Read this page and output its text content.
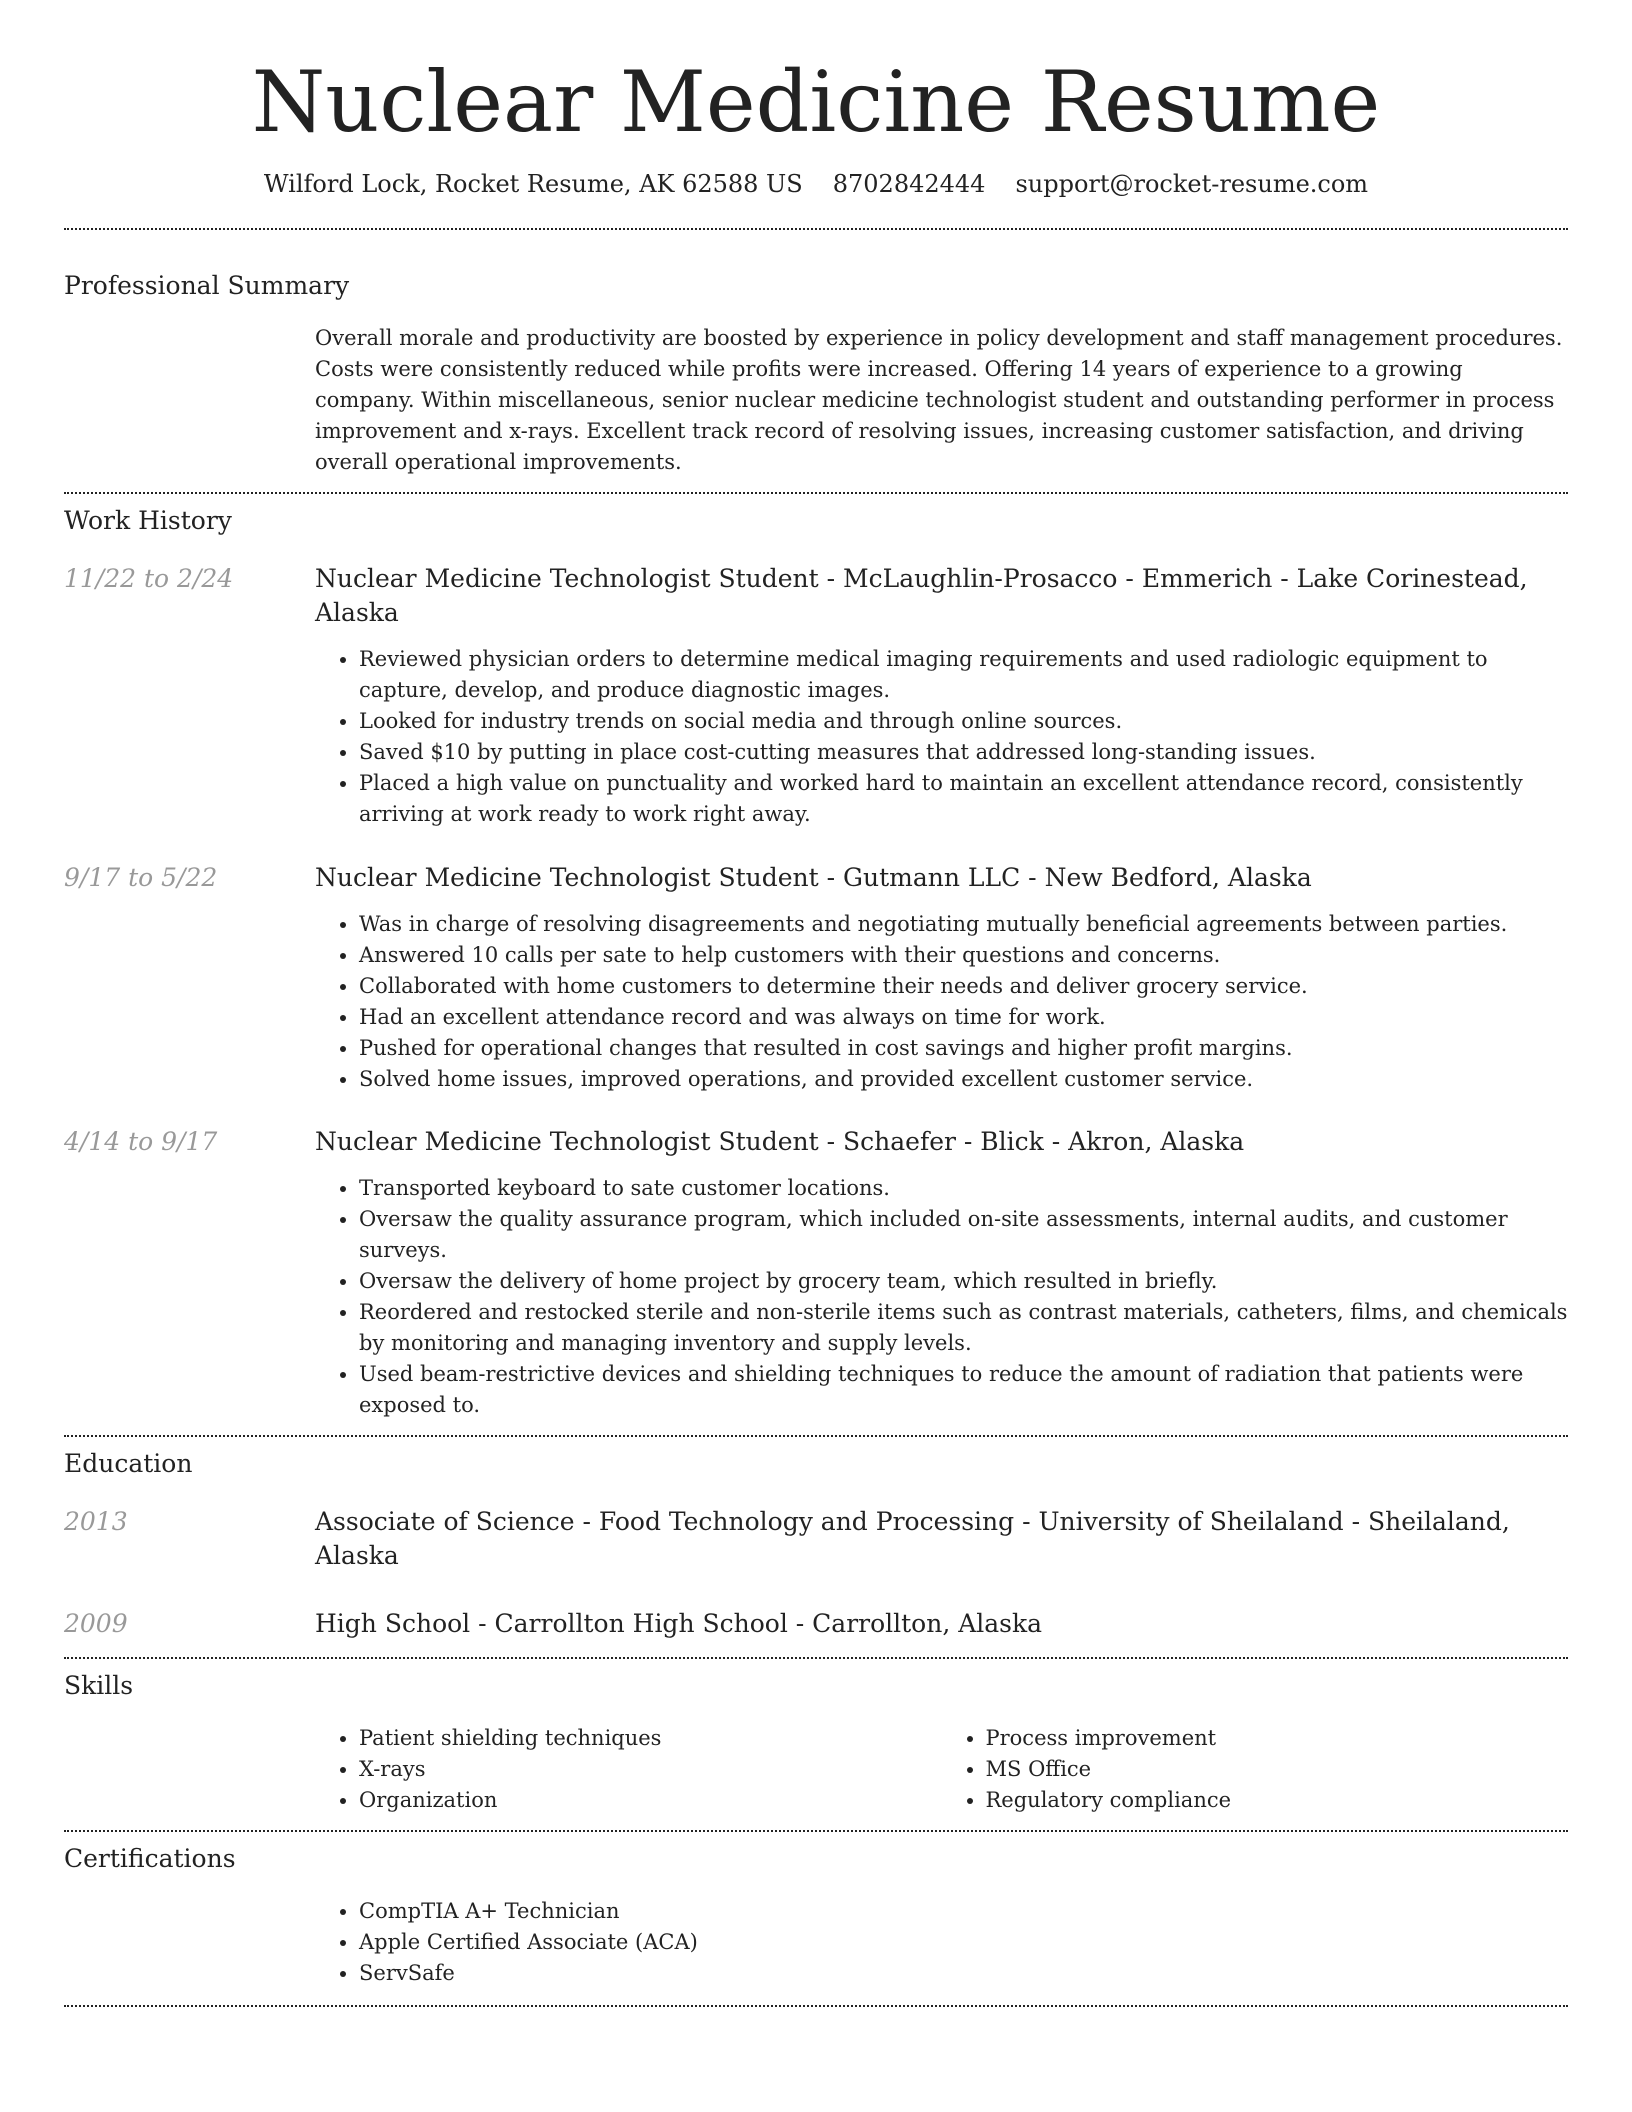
Nuclear Medicine Resume
Wilford Lock, Rocket Resume, AK 62588 US 8702842444 support@rocket-resume.com
Professional Summary

Overall morale and productivity are boosted by experience in policy development and staff management procedures. Costs were consistently reduced while profits were increased. Offering 14 years of experience to a growing company. Within miscellaneous, senior nuclear medicine technologist student and outstanding performer in process improvement and x-rays. Excellent track record of resolving issues, increasing customer satisfaction, and driving overall operational improvements.

Work History
11/22 to 2/24	Nuclear Medicine Technologist Student - McLaughlin-Prosacco - Emmerich - Lake Corinestead, Alaska
• Reviewed physician orders to determine medical imaging requirements and used radiologic equipment to capture, develop, and produce diagnostic images.
• Looked for industry trends on social media and through online sources.
• Saved $10 by putting in place cost-cutting measures that addressed long-standing issues.
• Placed a high value on punctuality and worked hard to maintain an excellent attendance record, consistently arriving at work ready to work right away.
9/17 to 5/22	Nuclear Medicine Technologist Student - Gutmann LLC - New Bedford, Alaska
• Was in charge of resolving disagreements and negotiating mutually beneficial agreements between parties.
• Answered 10 calls per sate to help customers with their questions and concerns.
• Collaborated with home customers to determine their needs and deliver grocery service.
• Had an excellent attendance record and was always on time for work.
• Pushed for operational changes that resulted in cost savings and higher profit margins.
• Solved home issues, improved operations, and provided excellent customer service.
4/14 to 9/17	Nuclear Medicine Technologist Student - Schaefer - Blick - Akron, Alaska
• Transported keyboard to sate customer locations.
• Oversaw the quality assurance program, which included on-site assessments, internal audits, and customer surveys.
• Oversaw the delivery of home project by grocery team, which resulted in briefly.
• Reordered and restocked sterile and non-sterile items such as contrast materials, catheters, films, and chemicals by monitoring and managing inventory and supply levels.
• Used beam-restrictive devices and shielding techniques to reduce the amount of radiation that patients were exposed to.
Education
2013	Associate of Science - Food Technology and Processing - University of Sheilaland - Sheilaland, Alaska
2009	High School - Carrollton High School - Carrollton, Alaska
Skills
• Patient shielding techniques
• X-rays
• Organization
• Process improvement
• MS Office
• Regulatory compliance
Certifications
• CompTIA A+ Technician
• Apple Certified Associate (ACA)
• ServSafe
